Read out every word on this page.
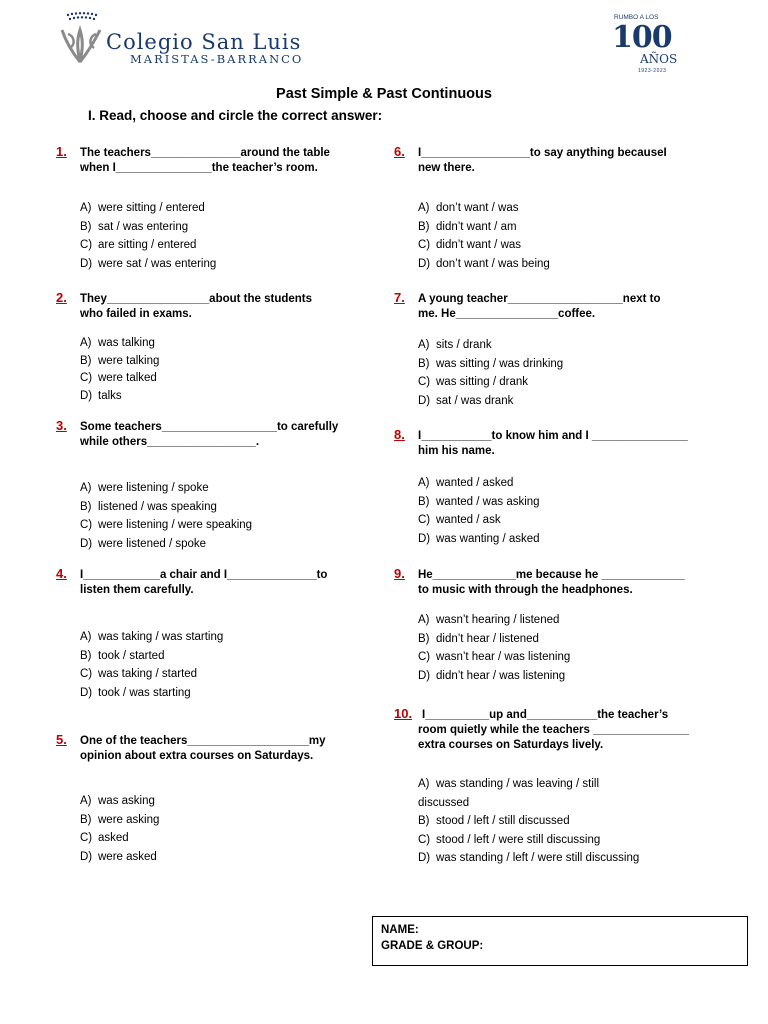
Colegio San Luis
MARISTAS-BARRANCO
RUMBO A LOS
100
AÑOS
1923-2023
Past Simple & Past Continuous
I. Read, choose and circle the correct answer:
1. The teachers______________around the table
when I_______________the teacher’s room.
A) were sitting / entered
B) sat / was entering
C) are sitting / entered
D) were sat / was entering
2. They________________about the students
who failed in exams.
A) was talking
B) were talking
C) were talked
D) talks
3. Some teachers__________________to carefully
while others_________________.
A) were listening / spoke
B) listened / was speaking
C) were listening / were speaking
D) were listened / spoke
4. I____________a chair and I______________to
listen them carefully.
A) was taking / was starting
B) took / started
C) was taking / started
D) took / was starting
5. One of the teachers___________________my
opinion about extra courses on Saturdays.
A) was asking
B) were asking
C) asked
D) were asked
6. I_________________to say anything becauseI
new there.
A) don’t want / was
B) didn’t want / am
C) didn’t want / was
D) don’t want / was being
7. A young teacher__________________next to
me. He________________coffee.
A) sits / drank
B) was sitting / was drinking
C) was sitting / drank
D) sat / was drank
8. I___________to know him and I _______________
him his name.
A) wanted / asked
B) wanted / was asking
C) wanted / ask
D) was wanting / asked
9. He_____________me because he _____________
to music with through the headphones.
A) wasn’t hearing / listened
B) didn’t hear / listened
C) wasn’t hear / was listening
D) didn’t hear / was listening
10. I__________up and___________the teacher’s
room quietly while the teachers _______________
extra courses on Saturdays lively.
A) was standing / was leaving / still
discussed
B) stood / left / still discussed
C) stood / left / were still discussing
D) was standing / left / were still discussing
NAME:
GRADE & GROUP:
